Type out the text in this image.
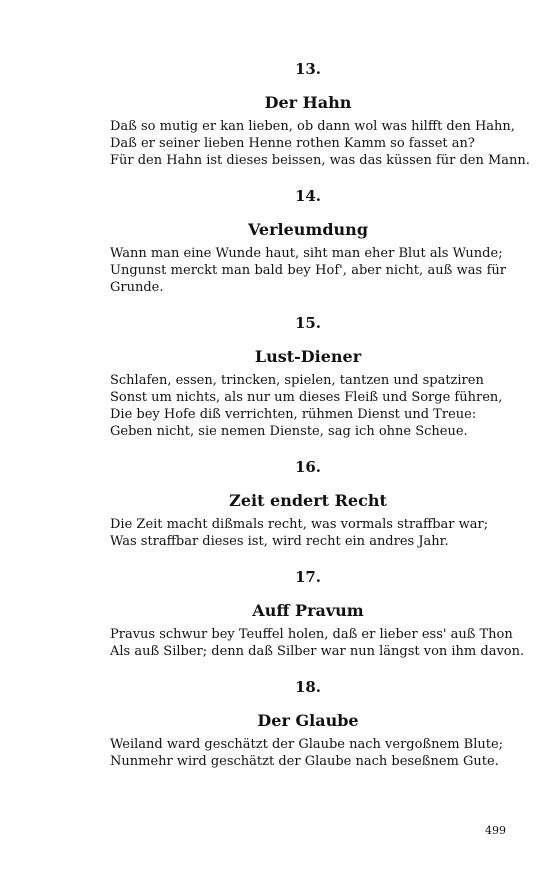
13.
Der Hahn
Daß so mutig er kan lieben, ob dann wol was hilfft den Hahn,
Daß er seiner lieben Henne rothen Kamm so fasset an?
Für den Hahn ist dieses beissen, was das küssen für den Mann.
14.
Verleumdung
Wann man eine Wunde haut, siht man eher Blut als Wunde;
Ungunst merckt man bald bey Hof', aber nicht, auß was für
Grunde.
15.
Lust-Diener
Schlafen, essen, trincken, spielen, tantzen und spatziren
Sonst um nichts, als nur um dieses Fleiß und Sorge führen,
Die bey Hofe diß verrichten, rühmen Dienst und Treue:
Geben nicht, sie nemen Dienste, sag ich ohne Scheue.
16.
Zeit endert Recht
Die Zeit macht dißmals recht, was vormals straffbar war;
Was straffbar dieses ist, wird recht ein andres Jahr.
17.
Auff Pravum
Pravus schwur bey Teuffel holen, daß er lieber ess' auß Thon
Als auß Silber; denn daß Silber war nun längst von ihm davon.
18.
Der Glaube
Weiland ward geschätzt der Glaube nach vergoßnem Blute;
Nunmehr wird geschätzt der Glaube nach besеßnem Gute.
499
